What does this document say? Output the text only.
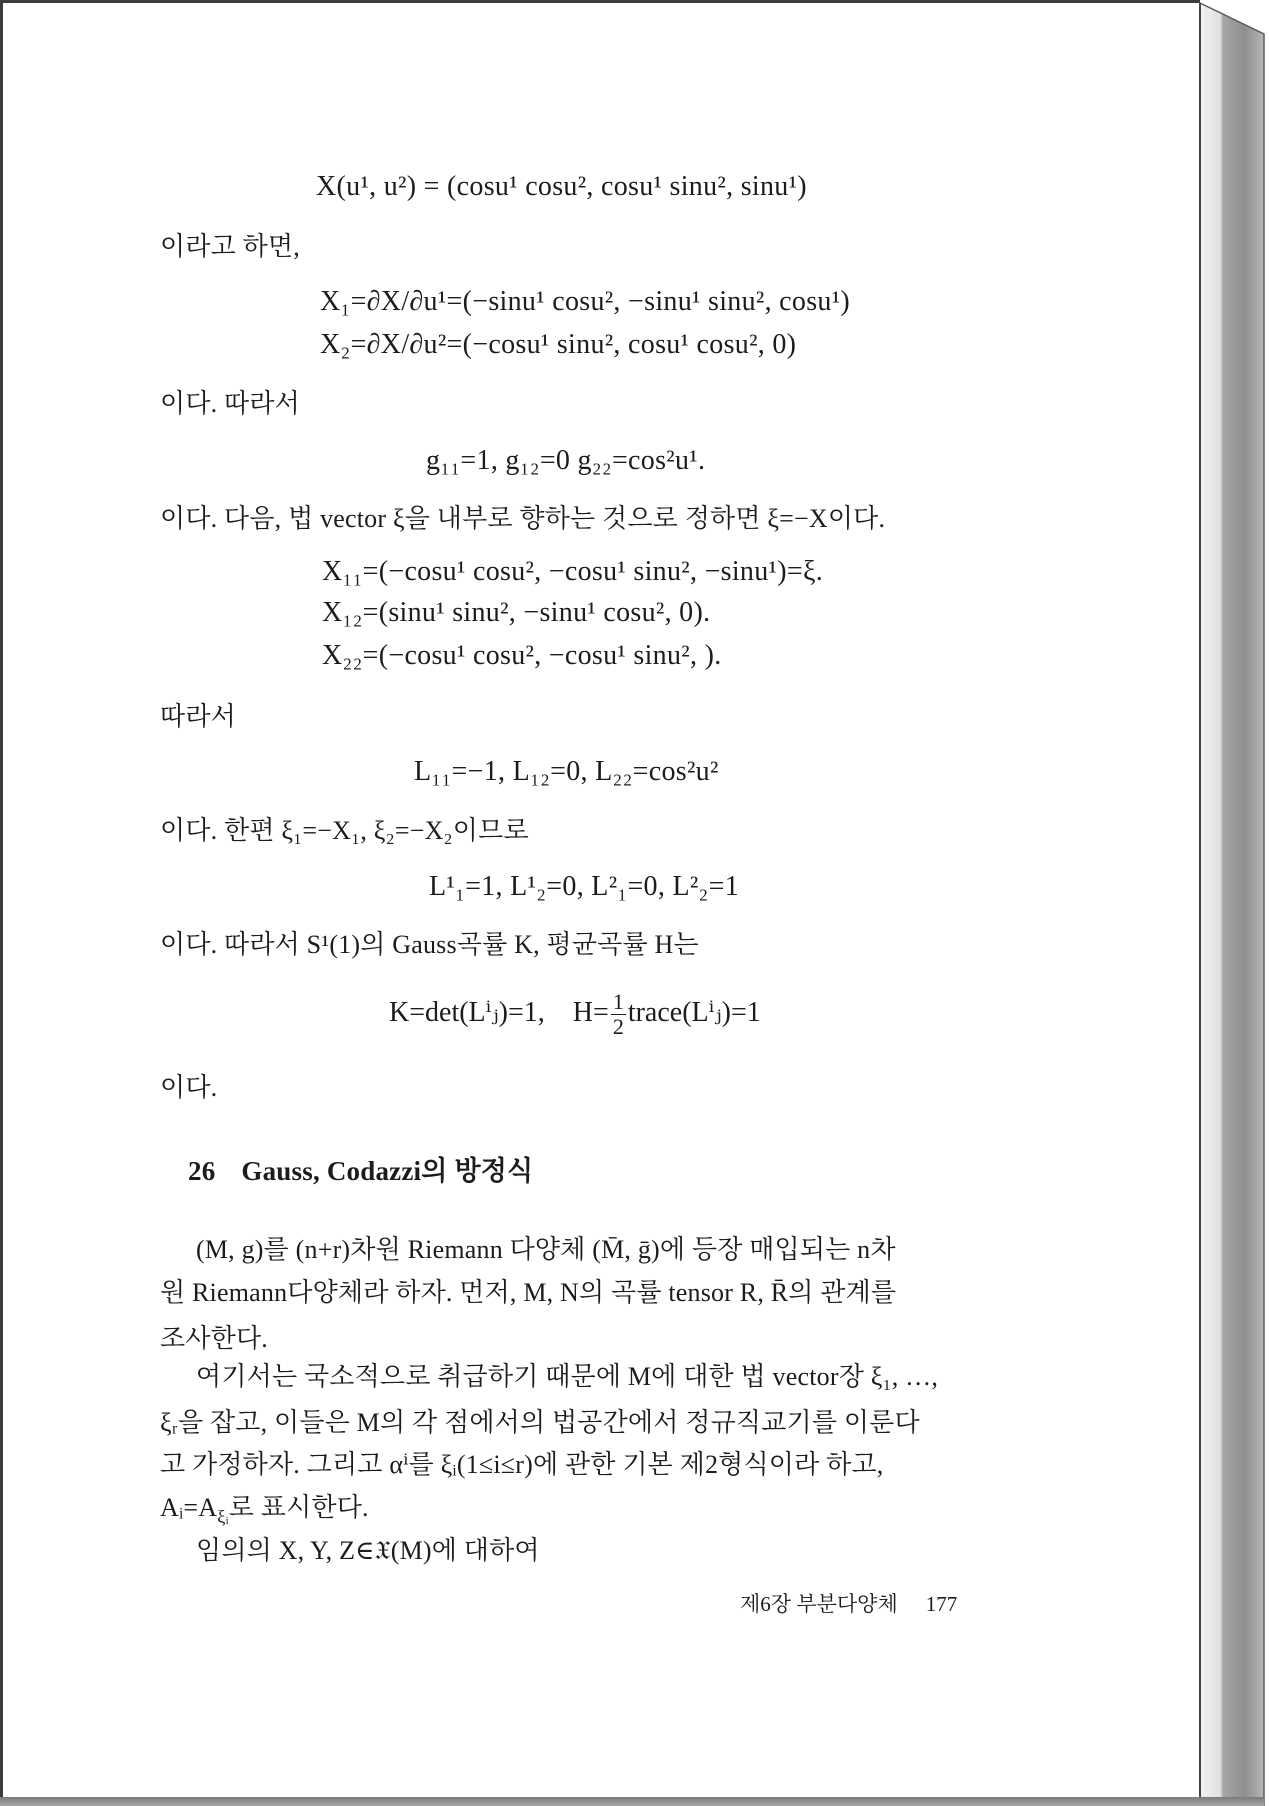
X(u¹, u²) = (cosu¹ cosu², cosu¹ sinu², sinu¹)
이라고 하면,
X₁=∂X/∂u¹=(−sinu¹ cosu², −sinu¹ sinu², cosu¹)
X₂=∂X/∂u²=(−cosu¹ sinu², cosu¹ cosu², 0)
이다. 따라서
g₁₁=1, g₁₂=0 g₂₂=cos²u¹.
이다. 다음, 법 vector ξ을 내부로 향하는 것으로 정하면 ξ=−X이다.
X₁₁=(−cosu¹ cosu², −cosu¹ sinu², −sinu¹)=ξ.
X₁₂=(sinu¹ sinu², −sinu¹ cosu², 0).
X₂₂=(−cosu¹ cosu², −cosu¹ sinu², ).
따라서
L₁₁=−1, L₁₂=0, L₂₂=cos²u²
이다. 한편 ξ₁=−X₁, ξ₂=−X₂이므로
L¹₁=1, L¹₂=0, L²₁=0, L²₂=1
이다. 따라서 S¹(1)의 Gauss곡률 K, 평균곡률 H는
K=det(Lⁱⱼ)=1, $H= \frac{1}{2}$ trace(Lⁱⱼ)=1
이다.
26 Gauss, Codazzi의 방정식
(M, g)를 (n+r)차원 Riemann 다양체 (M̄, ḡ)에 등장 매입되는 n차
원 Riemann다양체라 하자. 먼저, M, N의 곡률 tensor R, R̄의 관계를
조사한다.
여기서는 국소적으로 취급하기 때문에 M에 대한 법 vector장 ξ₁, …,
ξᵣ을 잡고, 이들은 M의 각 점에서의 법공간에서 정규직교기를 이룬다
고 가정하자. 그리고 αⁱ를 ξᵢ(1≤i≤r)에 관한 기본 제2형식이라 하고,
$Aᵢ=A_{\xi ᵢ}$로 표시한다.
임의의 X, Y, Z∈𝔛(M)에 대하여
제6장 부분다양체 177
